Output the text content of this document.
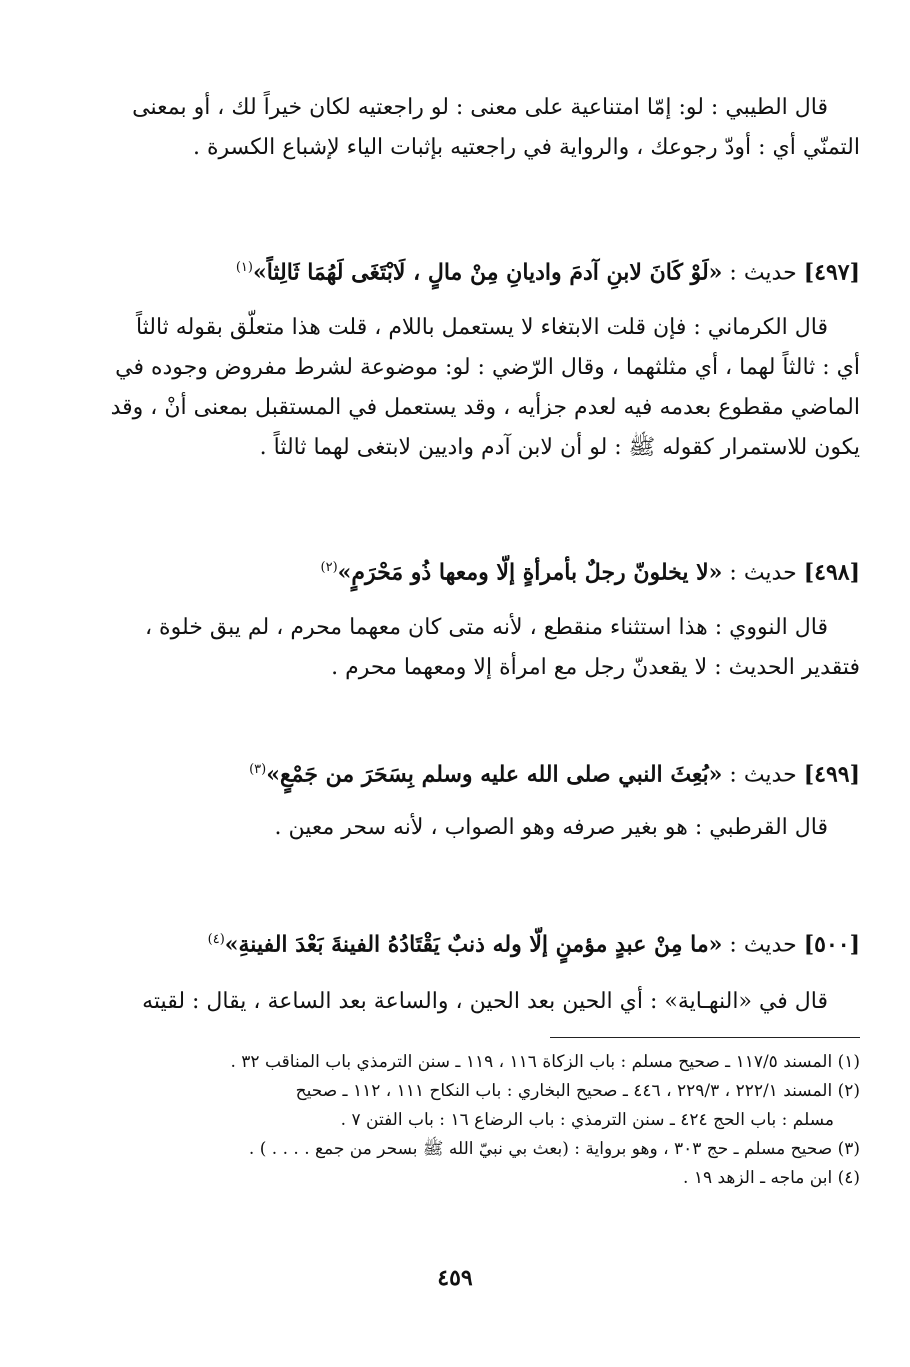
قال الطيبي : لو: إمّا امتناعية على معنى : لو راجعتيه لكان خيراً لك ، أو بمعنى
التمنّي أي : أودّ رجوعك ، والرواية في راجعتيه بإثبات الياء لإشباع الكسرة .
[٤٩٧] حديث : «لَوْ كَانَ لابنِ آدمَ واديانِ مِنْ مالٍ ، لَابْتَغَى لَهُمَا ثَالِثاً»$^{(١)}$
قال الكرماني : فإن قلت الابتغاء لا يستعمل باللام ، قلت هذا متعلّق بقوله ثالثاً
أي : ثالثاً لهما ، أي مثلثهما ، وقال الرّضي : لو: موضوعة لشرط مفروض وجوده في
الماضي مقطوع بعدمه فيه لعدم جزأيه ، وقد يستعمل في المستقبل بمعنى أنْ ، وقد
يكون للاستمرار كقوله ﷺ : لو أن لابن آدم واديين لابتغى لهما ثالثاً .
[٤٩٨] حديث : «لا يخلونّ رجلٌ بأمرأةٍ إلّا ومعها ذُو مَحْرَمٍ»$^{(٢)}$
قال النووي : هذا استثناء منقطع ، لأنه متى كان معهما محرم ، لم يبق خلوة ،
فتقدير الحديث : لا يقعدنّ رجل مع امرأة إلا ومعهما محرم .
[٤٩٩] حديث : «بُعِثَ النبي صلى الله عليه وسلم بِسَحَرَ من جَمْعٍ»$^{(٣)}$
قال القرطبي : هو بغير صرفه وهو الصواب ، لأنه سحر معين .
[٥٠٠] حديث : «ما مِنْ عبدٍ مؤمنٍ إلّا وله ذنبٌ يَقْتَادُهُ الفينةَ بَعْدَ الفينةِ»$^{(٤)}$
قال في «النهـاية» : أي الحين بعد الحين ، والساعة بعد الساعة ، يقال : لقيته
(١) المسند ١١٧/٥ ـ صحيح مسلم : باب الزكاة ١١٦ ، ١١٩ ـ سنن الترمذي باب المناقب ٣٢ .
(٢) المسند ٢٢٢/١ ، ٢٢٩/٣ ، ٤٤٦ ـ صحيح البخاري : باب النكاح ١١١ ، ١١٢ ـ صحيح
مسلم : باب الحج ٤٢٤ ـ سنن الترمذي : باب الرضاع ١٦ : باب الفتن ٧ .
(٣) صحيح مسلم ـ حج ٣٠٣ ، وهو برواية : (بعث بي نبيّ الله ﷺ بسحر من جمع . . . . ) .
(٤) ابن ماجه ـ الزهد ١٩ .
٤٥٩
